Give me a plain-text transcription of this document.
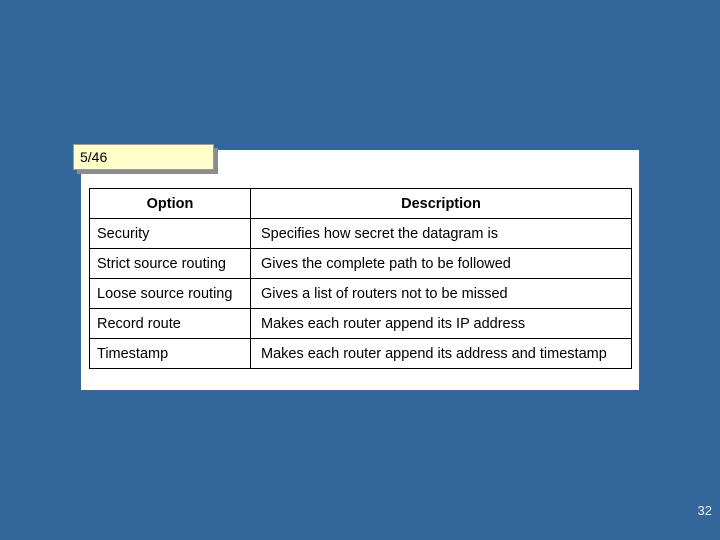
5/46
Option	Description
Security	Specifies how secret the datagram is
Strict source routing	Gives the complete path to be followed
Loose source routing	Gives a list of routers not to be missed
Record route	Makes each router append its IP address
Timestamp	Makes each router append its address and timestamp
32
